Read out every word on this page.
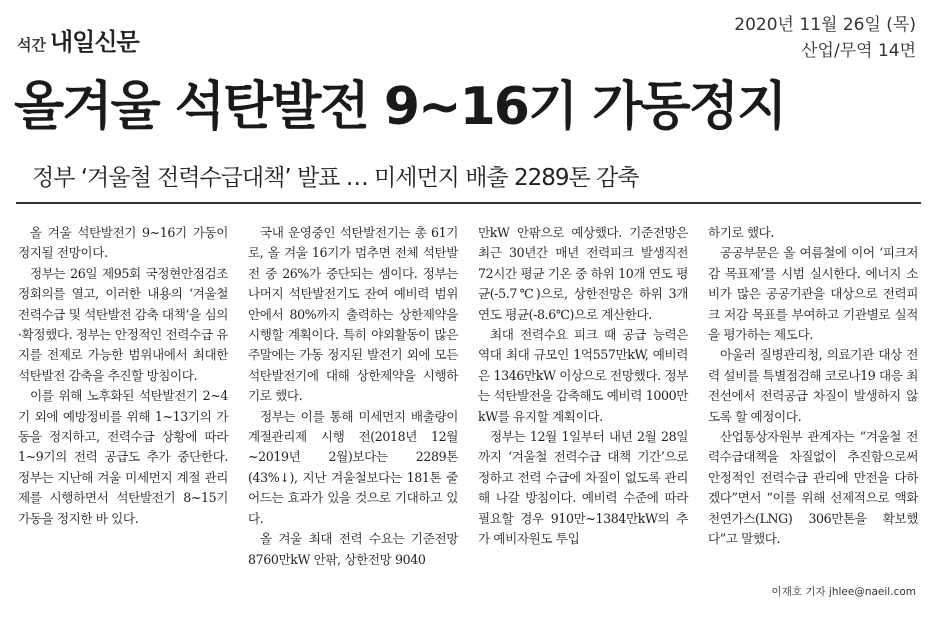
석간 내일신문
2020년 11월 26일 (목)
산업/무역 14면
올겨울 석탄발전 9~16기 가동정지
정부 ‘겨울철 전력수급대책’ 발표 … 미세먼지 배출 2289톤 감축

올 겨울 석탄발전기 9~16기 가동이 정지될 전망이다.

정부는 26일 제95회 국정현안점검조정회의를 열고, 이러한 내용의 ‘겨울철 전력수급 및 석탄발전 감축 대책’을 심의·확정했다. 정부는 안정적인 전력수급 유지를 전제로 가능한 범위내에서 최대한 석탄발전 감축을 추진할 방침이다.

이를 위해 노후화된 석탄발전기 2~4기 외에 예방정비를 위해 1~13기의 가동을 정지하고, 전력수급 상황에 따라 1~9기의 전력 공급도 추가 중단한다. 정부는 지난해 겨울 미세먼지 계절 관리제를 시행하면서 석탄발전기 8~15기 가동을 정지한 바 있다.

국내 운영중인 석탄발전기는 총 61기로, 올 겨울 16기가 멈추면 전체 석탄발전 중 26%가 중단되는 셈이다. 정부는 나머지 석탄발전기도 잔여 예비력 범위 안에서 80%까지 출력하는 상한제약을 시행할 계획이다. 특히 야외활동이 많은 주말에는 가동 정지된 발전기 외에 모든 석탄발전기에 대해 상한제약을 시행하기로 했다.

정부는 이를 통해 미세먼지 배출량이 계절관리제 시행 전(2018년 12월~2019년 2월)보다는 2289톤(43%↓), 지난 겨울철보다는 181톤 줄어드는 효과가 있을 것으로 기대하고 있다.

올 겨울 최대 전력 수요는 기준전망 8760만kW 안팎, 상한전망 9040

만kW 안팎으로 예상했다. 기준전망은 최근 30년간 매년 전력피크 발생직전 72시간 평균 기온 중 하위 10개 연도 평균(-5.7℃)으로, 상한전망은 하위 3개 연도 평균(-8.6℃)으로 계산한다.

최대 전력수요 피크 때 공급 능력은 역대 최대 규모인 1억557만kW, 예비력은 1346만kW 이상으로 전망했다. 정부는 석탄발전을 감축해도 예비력 1000만kW를 유지할 계획이다.

정부는 12월 1일부터 내년 2월 28일까지 ‘겨울철 전력수급 대책 기간’으로 정하고 전력 수급에 차질이 없도록 관리해 나갈 방침이다. 예비력 수준에 따라 필요할 경우 910만~1384만kW의 추가 예비자원도 투입

하기로 했다.

공공부문은 올 여름철에 이어 ‘피크저감 목표제’를 시범 실시한다. 에너지 소비가 많은 공공기관을 대상으로 전력피크 저감 목표를 부여하고 기관별로 실적을 평가하는 제도다.

아울러 질병관리청, 의료기관 대상 전력 설비를 특별점검해 코로나19 대응 최전선에서 전력공급 차질이 발생하지 않도록 할 예정이다.

산업통상자원부 관계자는 “겨울철 전력수급대책을 차질없이 추진함으로써 안정적인 전력수급 관리에 만전을 다하겠다”면서 “이를 위해 선제적으로 액화천연가스(LNG) 306만톤을 확보했다”고 말했다.

이재호 기자 jhlee@naeil.com
